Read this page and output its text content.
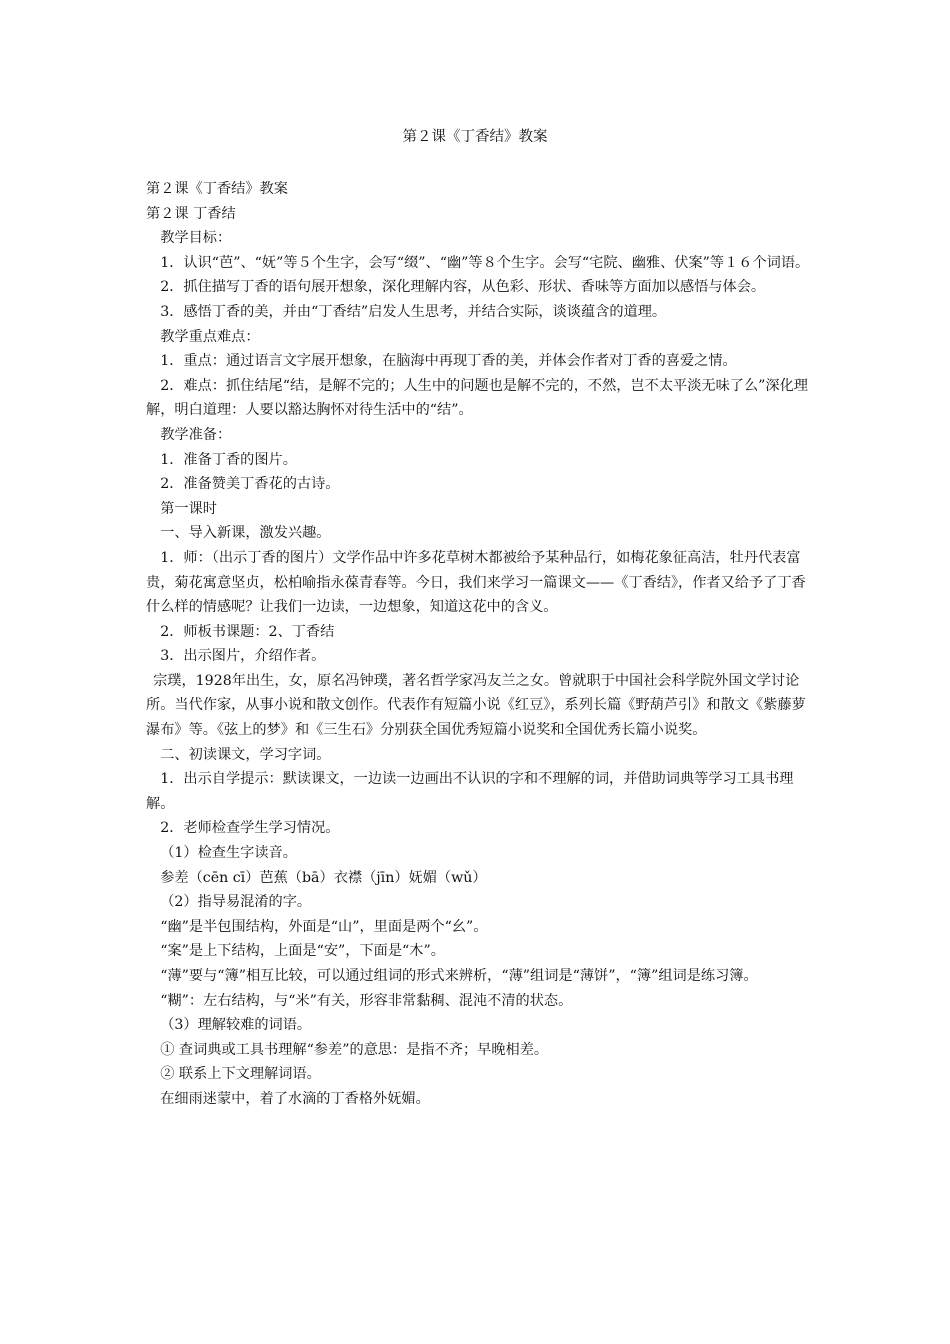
第２课《丁香结》教案

第２课《丁香结》教案

第２课 丁香结

教学目标：

1．认识“芭”、“妩”等５个生字，会写“缀”、“幽”等８个生字。会写“宅院、幽雅、伏案”等１６个词语。

2．抓住描写丁香的语句展开想象，深化理解内容，从色彩、形状、香味等方面加以感悟与体会。

3．感悟丁香的美，并由“丁香结”启发人生思考，并结合实际，谈谈蕴含的道理。

教学重点难点：

1．重点：通过语言文字展开想象，在脑海中再现丁香的美，并体会作者对丁香的喜爱之情。

2．难点：抓住结尾“结，是解不完的；人生中的问题也是解不完的，不然，岂不太平淡无味了么”深化理解，明白道理：人要以豁达胸怀对待生活中的“结”。

教学准备：

1．准备丁香的图片。

2．准备赞美丁香花的古诗。

第一课时

一、导入新课，激发兴趣。

1．师：（出示丁香的图片）文学作品中许多花草树木都被给予某种品行，如梅花象征高洁，牡丹代表富贵，菊花寓意坚贞，松柏喻指永葆青春等。今日，我们来学习一篇课文——《丁香结》，作者又给予了丁香什么样的情感呢？让我们一边读，一边想象，知道这花中的含义。

2．师板书课题：2、丁香结

3．出示图片，介绍作者。

宗璞，1928年出生，女，原名冯钟璞，著名哲学家冯友兰之女。曾就职于中国社会科学院外国文学讨论所。当代作家，从事小说和散文创作。代表作有短篇小说《红豆》，系列长篇《野葫芦引》和散文《紫藤萝瀑布》等。《弦上的梦》和《三生石》分别获全国优秀短篇小说奖和全国优秀长篇小说奖。

二、初读课文，学习字词。

1．出示自学提示：默读课文，一边读一边画出不认识的字和不理解的词，并借助词典等学习工具书理解。

2．老师检查学生学习情况。

（1）检查生字读音。

参差（cēn cī）芭蕉（bā）衣襟（jīn）妩媚（wǔ）

（2）指导易混淆的字。

“幽”是半包围结构，外面是“山”，里面是两个“幺”。

“案”是上下结构，上面是“安”，下面是“木”。

“薄”要与“簿”相互比较，可以通过组词的形式来辨析，“薄”组词是“薄饼”，“簿”组词是练习簿。

“糊”：左右结构，与“米”有关，形容非常黏稠、混沌不清的状态。

（3）理解较难的词语。

① 查词典或工具书理解“参差”的意思：是指不齐；早晚相差。

② 联系上下文理解词语。

在细雨迷蒙中，着了水滴的丁香格外妩媚。
